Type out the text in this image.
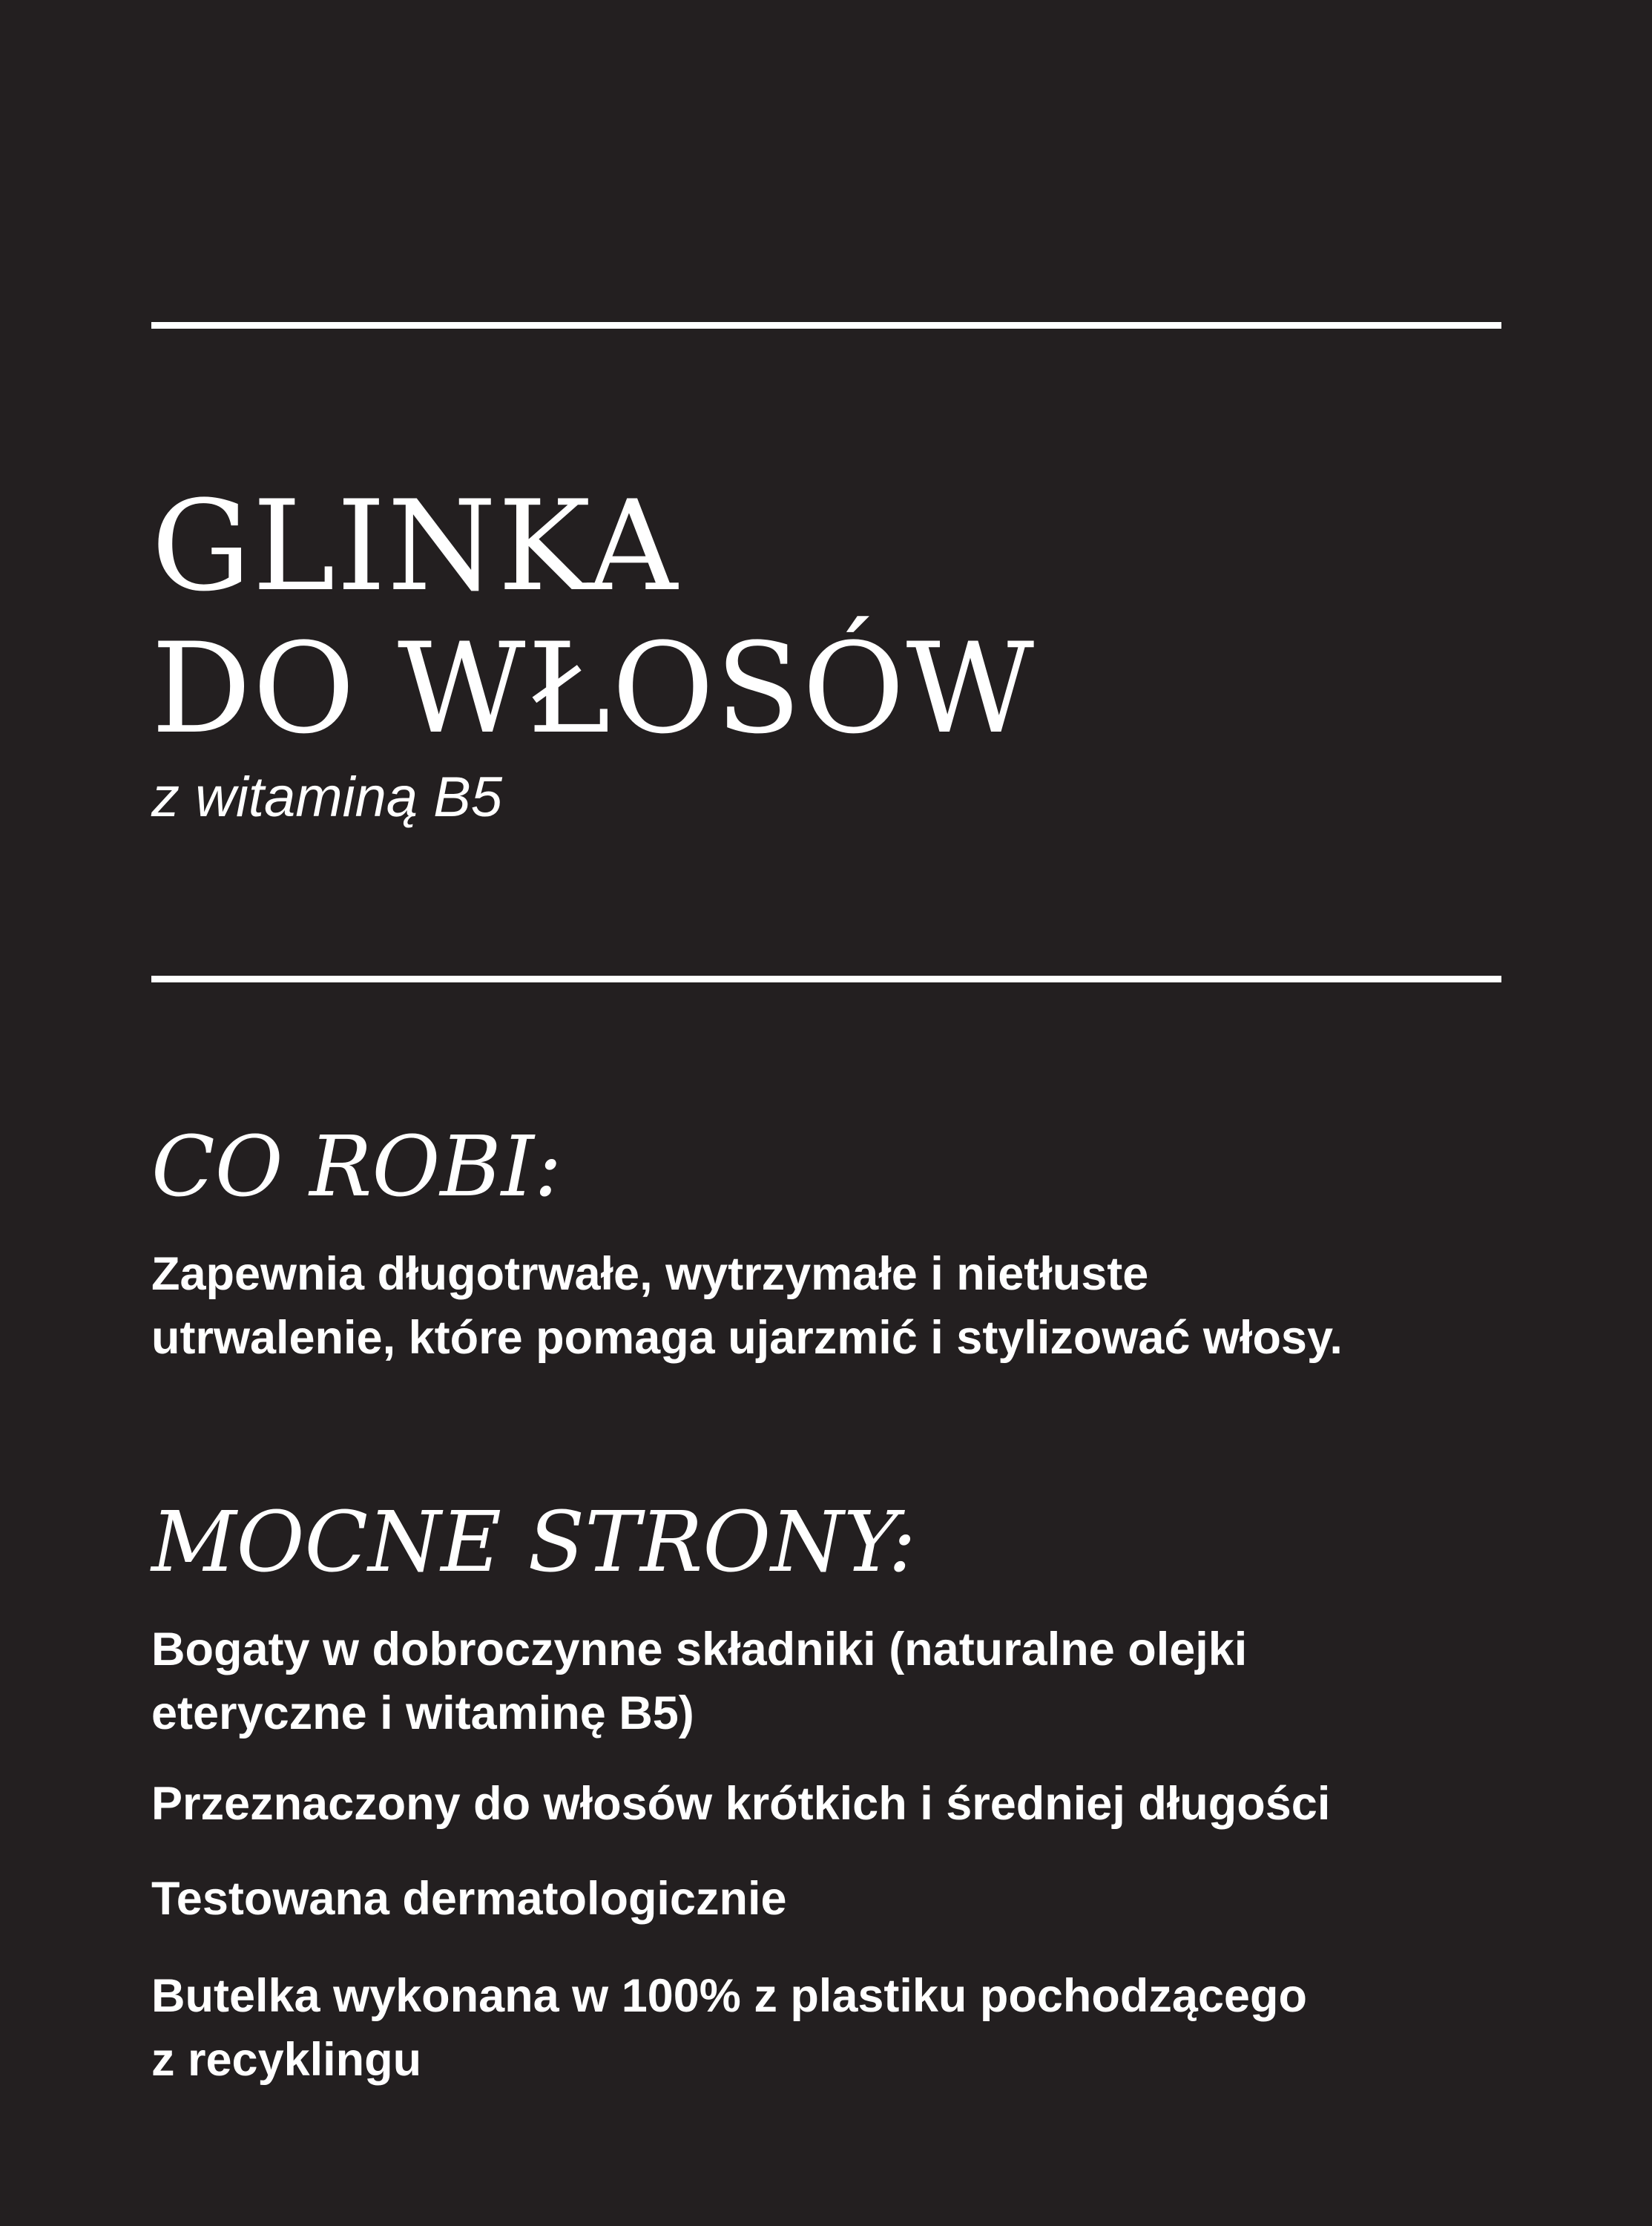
GLINKA
DO WŁOSÓW

z witaminą B5

CO ROBI:

Zapewnia długotrwałe, wytrzymałe i nietłuste
utrwalenie, które pomaga ujarzmić i stylizować włosy.

MOCNE STRONY:

Bogaty w dobroczynne składniki (naturalne olejki
eteryczne i witaminę B5)

Przeznaczony do włosów krótkich i średniej długości

Testowana dermatologicznie

Butelka wykonana w 100% z plastiku pochodzącego
z recyklingu
